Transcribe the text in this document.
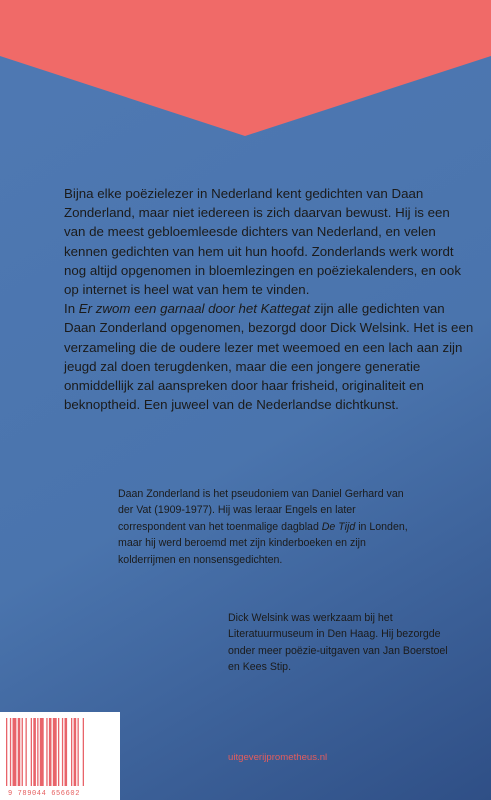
Bijna elke poëzielezer in Nederland kent gedichten van Daan Zonderland, maar niet iedereen is zich daarvan bewust. Hij is een van de meest gebloemleesde dichters van Nederland, en velen kennen gedichten van hem uit hun hoofd. Zonderlands werk wordt nog altijd opgenomen in bloemlezingen en poëziekalenders, en ook op internet is heel wat van hem te vinden.

In Er zwom een garnaal door het Kattegat zijn alle gedichten van Daan Zonderland opgenomen, bezorgd door Dick Welsink. Het is een verzameling die de oudere lezer met weemoed en een lach aan zijn jeugd zal doen terugdenken, maar die een jongere generatie onmiddellijk zal aanspreken door haar frisheid, originaliteit en beknoptheid. Een juweel van de Nederlandse dichtkunst.

Daan Zonderland is het pseudoniem van Daniel Gerhard van der Vat (1909-1977). Hij was leraar Engels en later correspondent van het toenmalige dagblad De Tijd in Londen, maar hij werd beroemd met zijn kinderboeken en zijn kolderrijmen en nonsensgedichten.

Dick Welsink was werkzaam bij het Literatuurmuseum in Den Haag. Hij bezorgde onder meer poëzie-uitgaven van Jan Boerstoel en Kees Stip.

uitgeverijprometheus.nl
9 789044 656602
